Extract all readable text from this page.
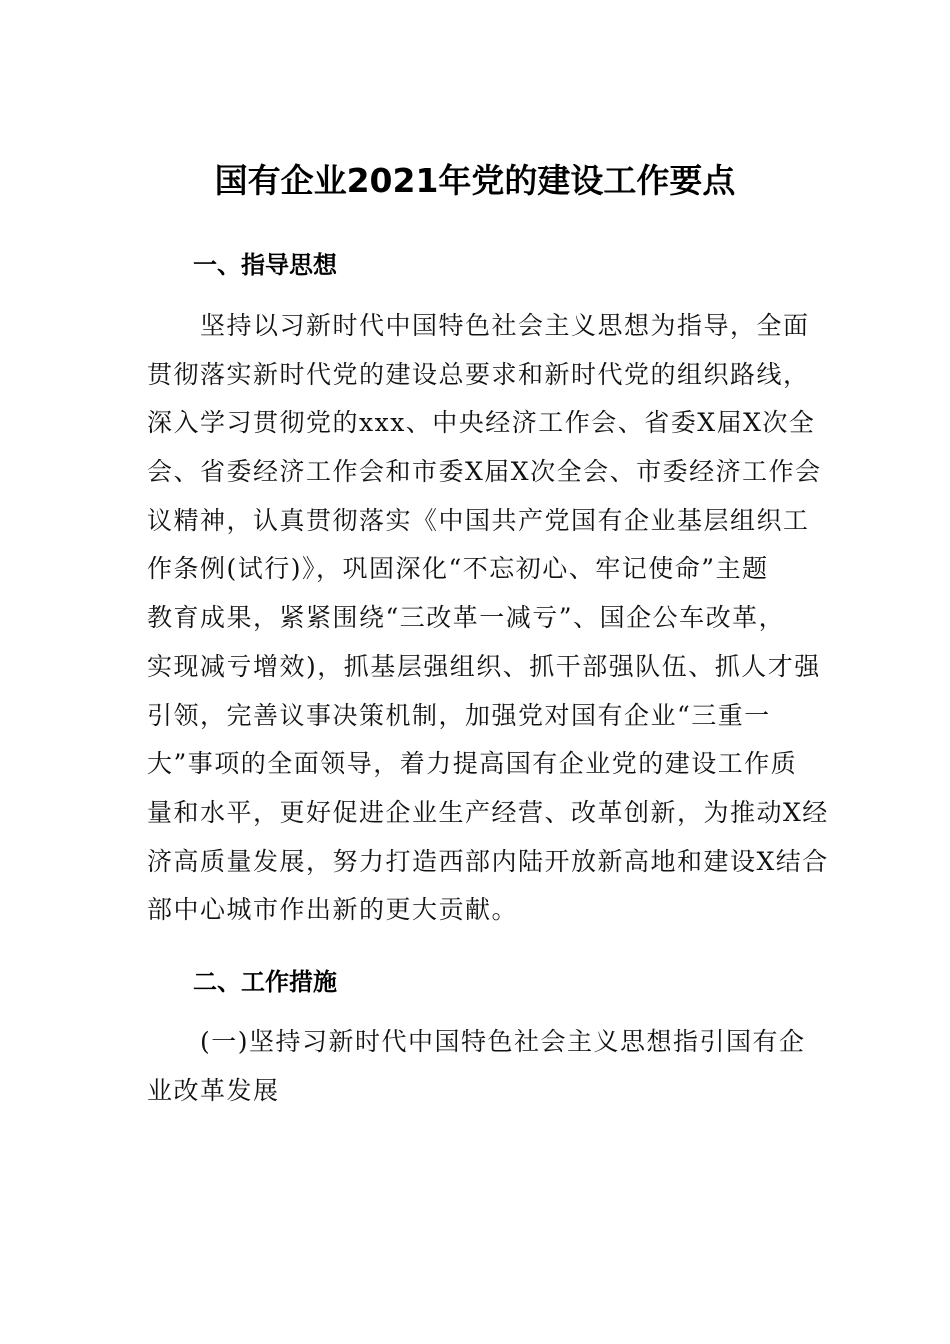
国有企业2021年党的建设工作要点
一、指导思想
　　坚持以习新时代中国特色社会主义思想为指导，全面
贯彻落实新时代党的建设总要求和新时代党的组织路线，
深入学习贯彻党的xxx、中央经济工作会、省委X届X次全
会、省委经济工作会和市委X届X次全会、市委经济工作会
议精神，认真贯彻落实《中国共产党国有企业基层组织工
作条例(试行)》，巩固深化“不忘初心、牢记使命”主题
教育成果，紧紧围绕“三改革一减亏”、国企公车改革，
实现减亏增效)，抓基层强组织、抓干部强队伍、抓人才强
引领，完善议事决策机制，加强党对国有企业“三重一
大”事项的全面领导，着力提高国有企业党的建设工作质
量和水平，更好促进企业生产经营、改革创新，为推动X经
济高质量发展，努力打造西部内陆开放新高地和建设X结合
部中心城市作出新的更大贡献。
二、工作措施
　　(一)坚持习新时代中国特色社会主义思想指引国有企
业改革发展
